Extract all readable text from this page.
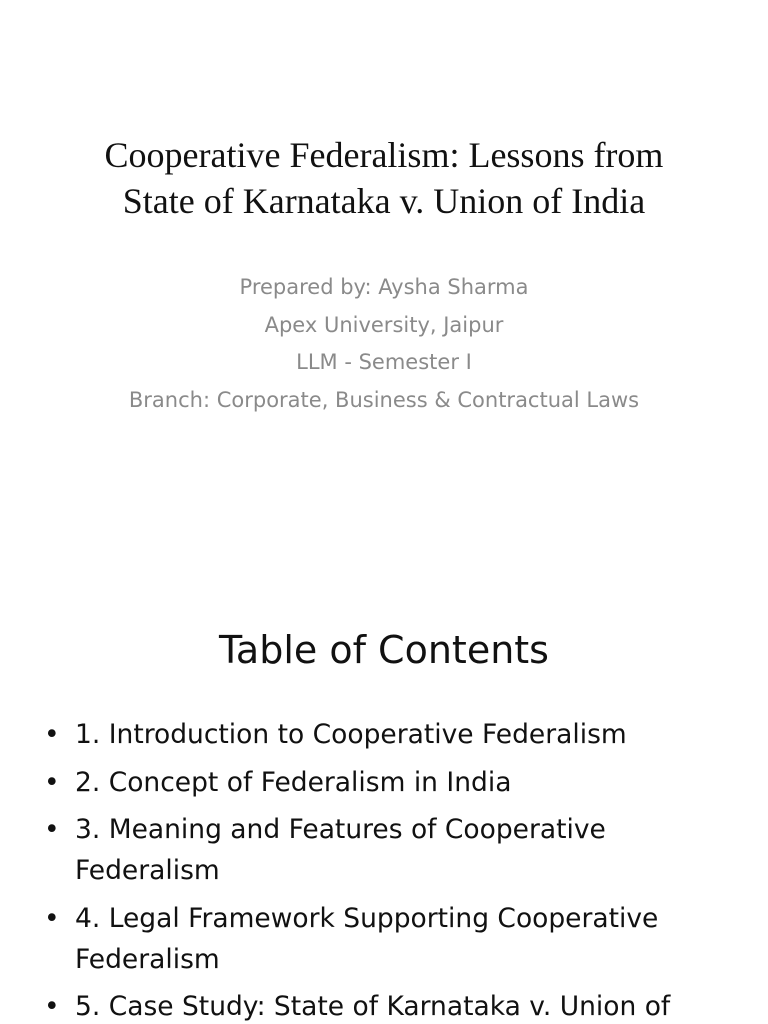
Cooperative Federalism: Lessons from
State of Karnataka v. Union of India
Prepared by: Aysha Sharma
Apex University, Jaipur
LLM - Semester I
Branch: Corporate, Business & Contractual Laws
Table of Contents
• 1. Introduction to Cooperative Federalism
• 2. Concept of Federalism in India
• 3. Meaning and Features of Cooperative Federalism
• 4. Legal Framework Supporting Cooperative Federalism
• 5. Case Study: State of Karnataka v. Union of
